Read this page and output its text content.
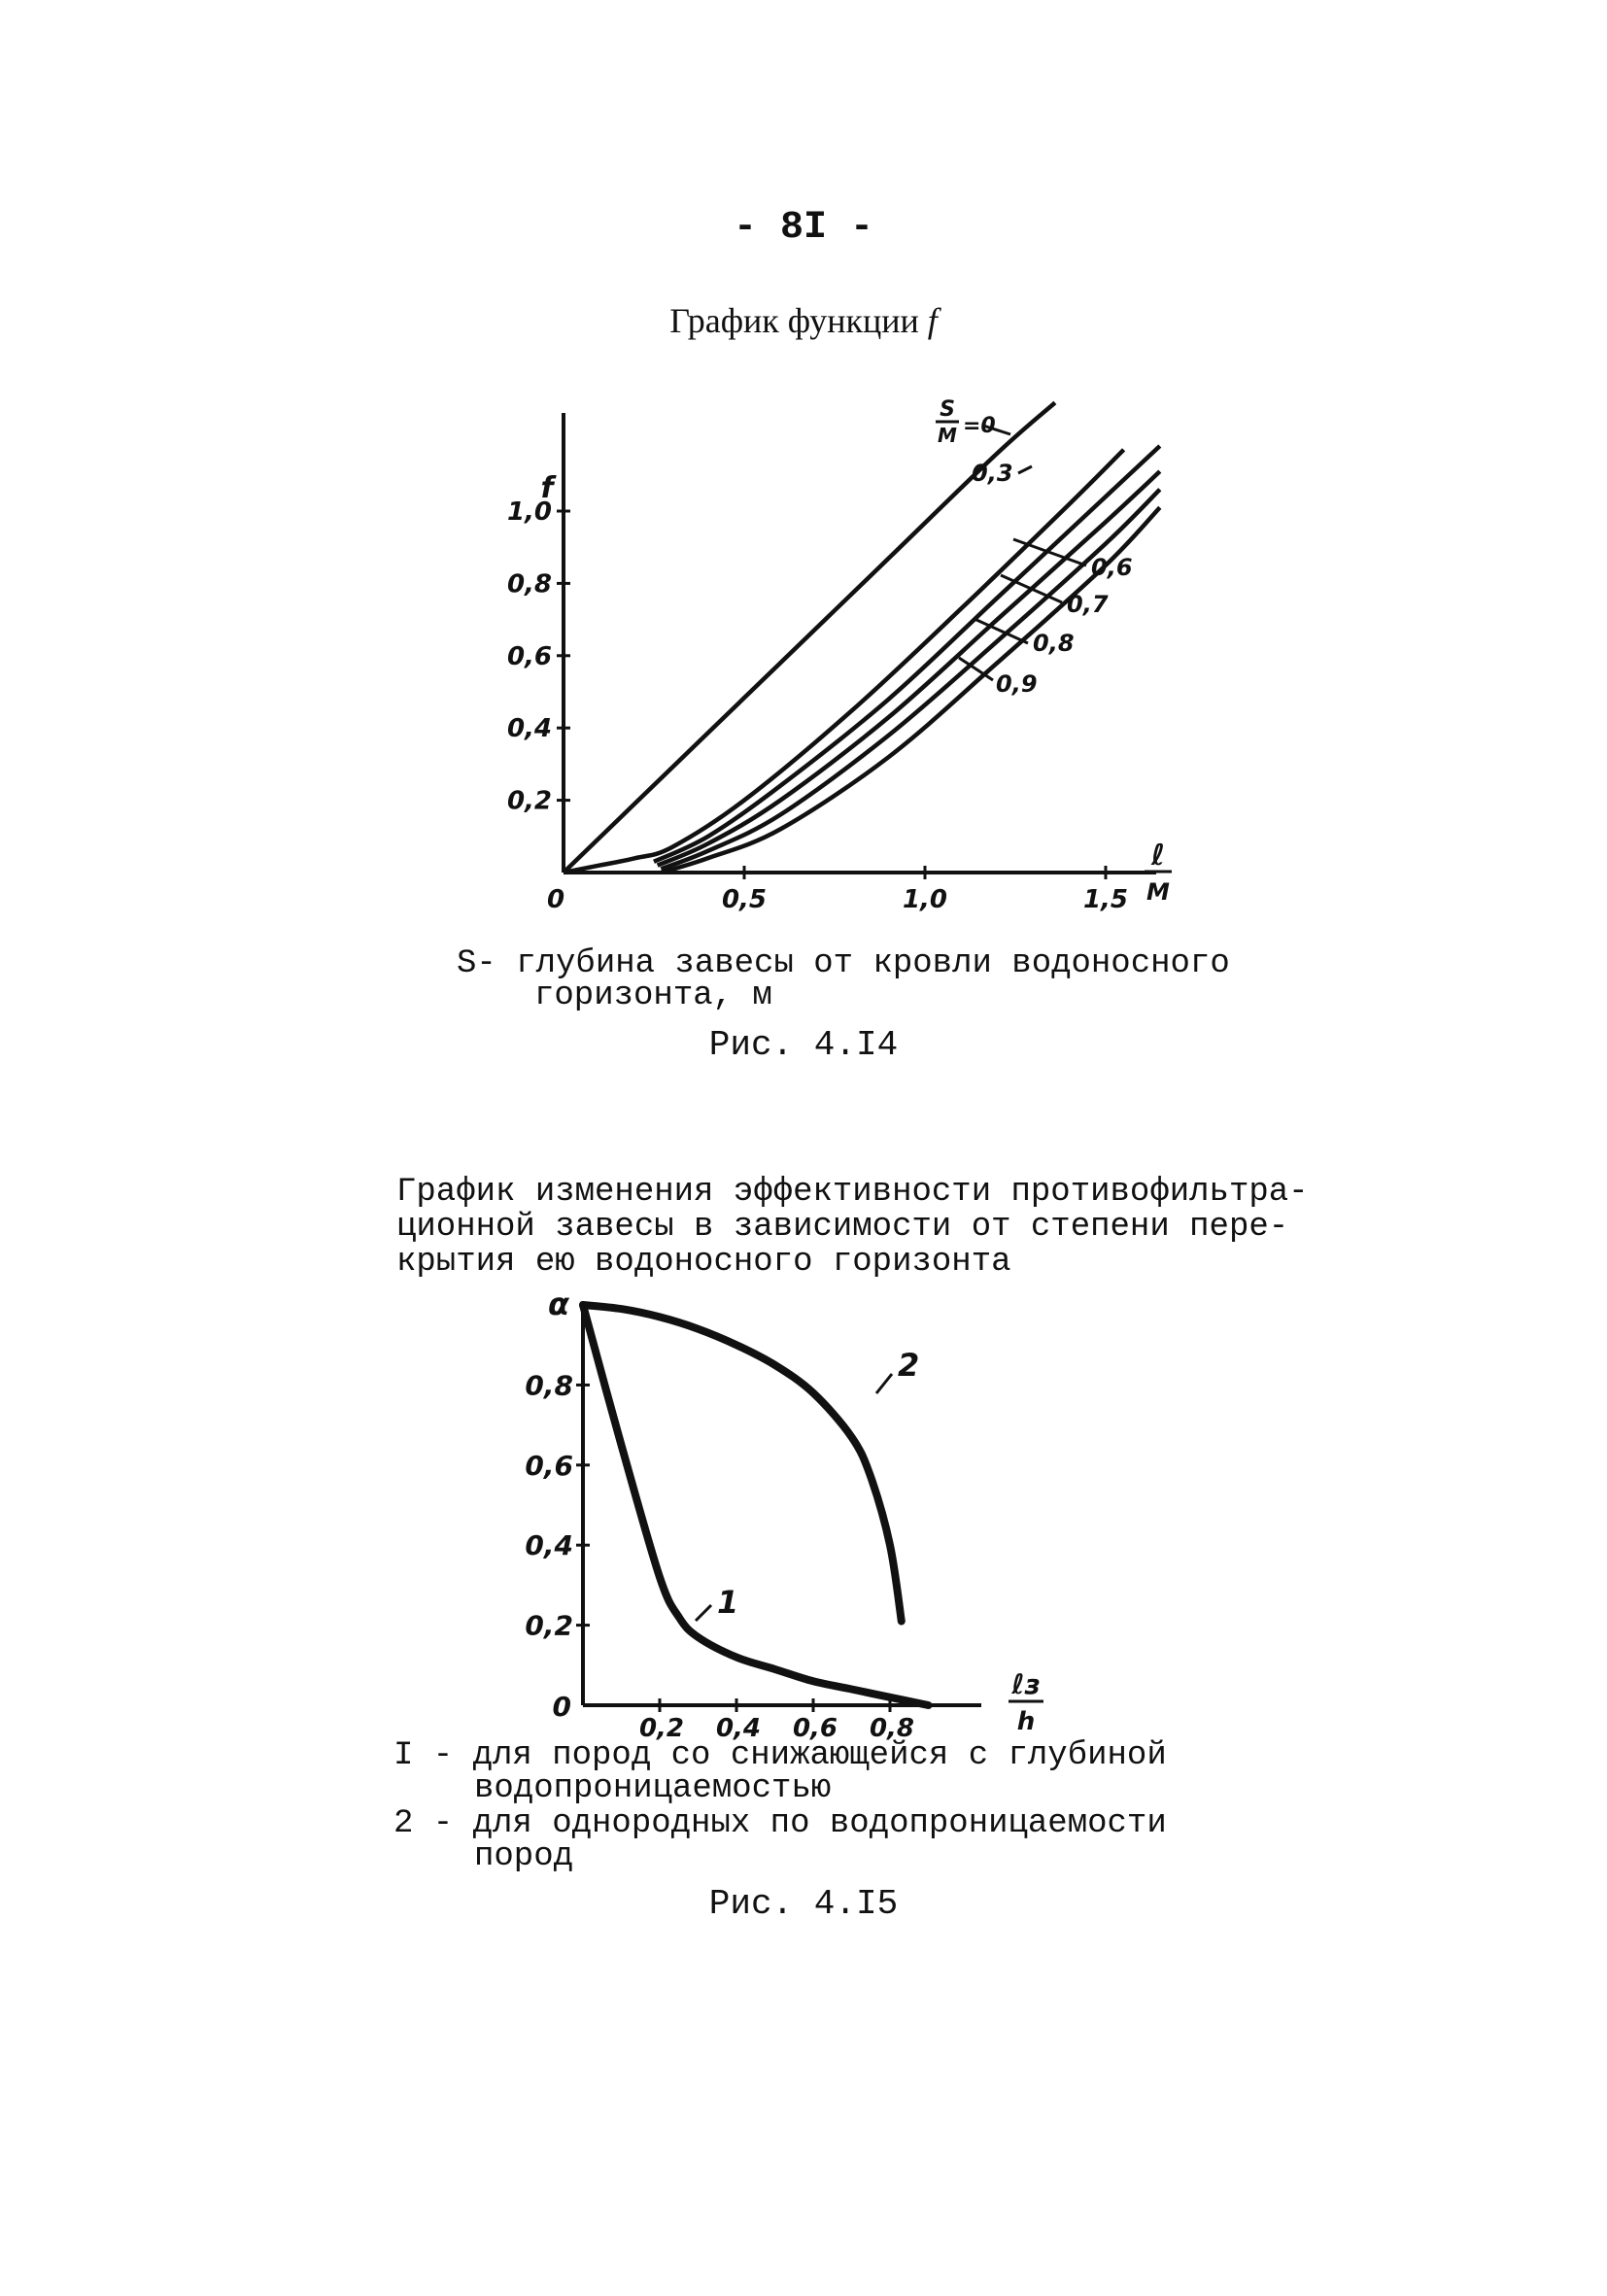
- 8I -
График функции f
S- глубина завесы от кровли водоносного
горизонта, м
Рис. 4.I4
График изменения эффективности противофильтра-
ционной завесы в зависимости от степени пере-
крытия ею водоносного горизонта
I - для пород со снижающейся с глубиной
водопроницаемостью
2 - для однородных по водопроницаемости
пород
Рис. 4.I5
0,2
0,4
0,6
0,8
1,0
0	0,5	1,0	1,5
f
ℓ
M
S
M =0
0,3
0,6
0,7
0,8
0,9
0,2
0,4
0,6
0,8
0,2 0,4 0,6 0,8
0
α
ℓз
h
1
2
